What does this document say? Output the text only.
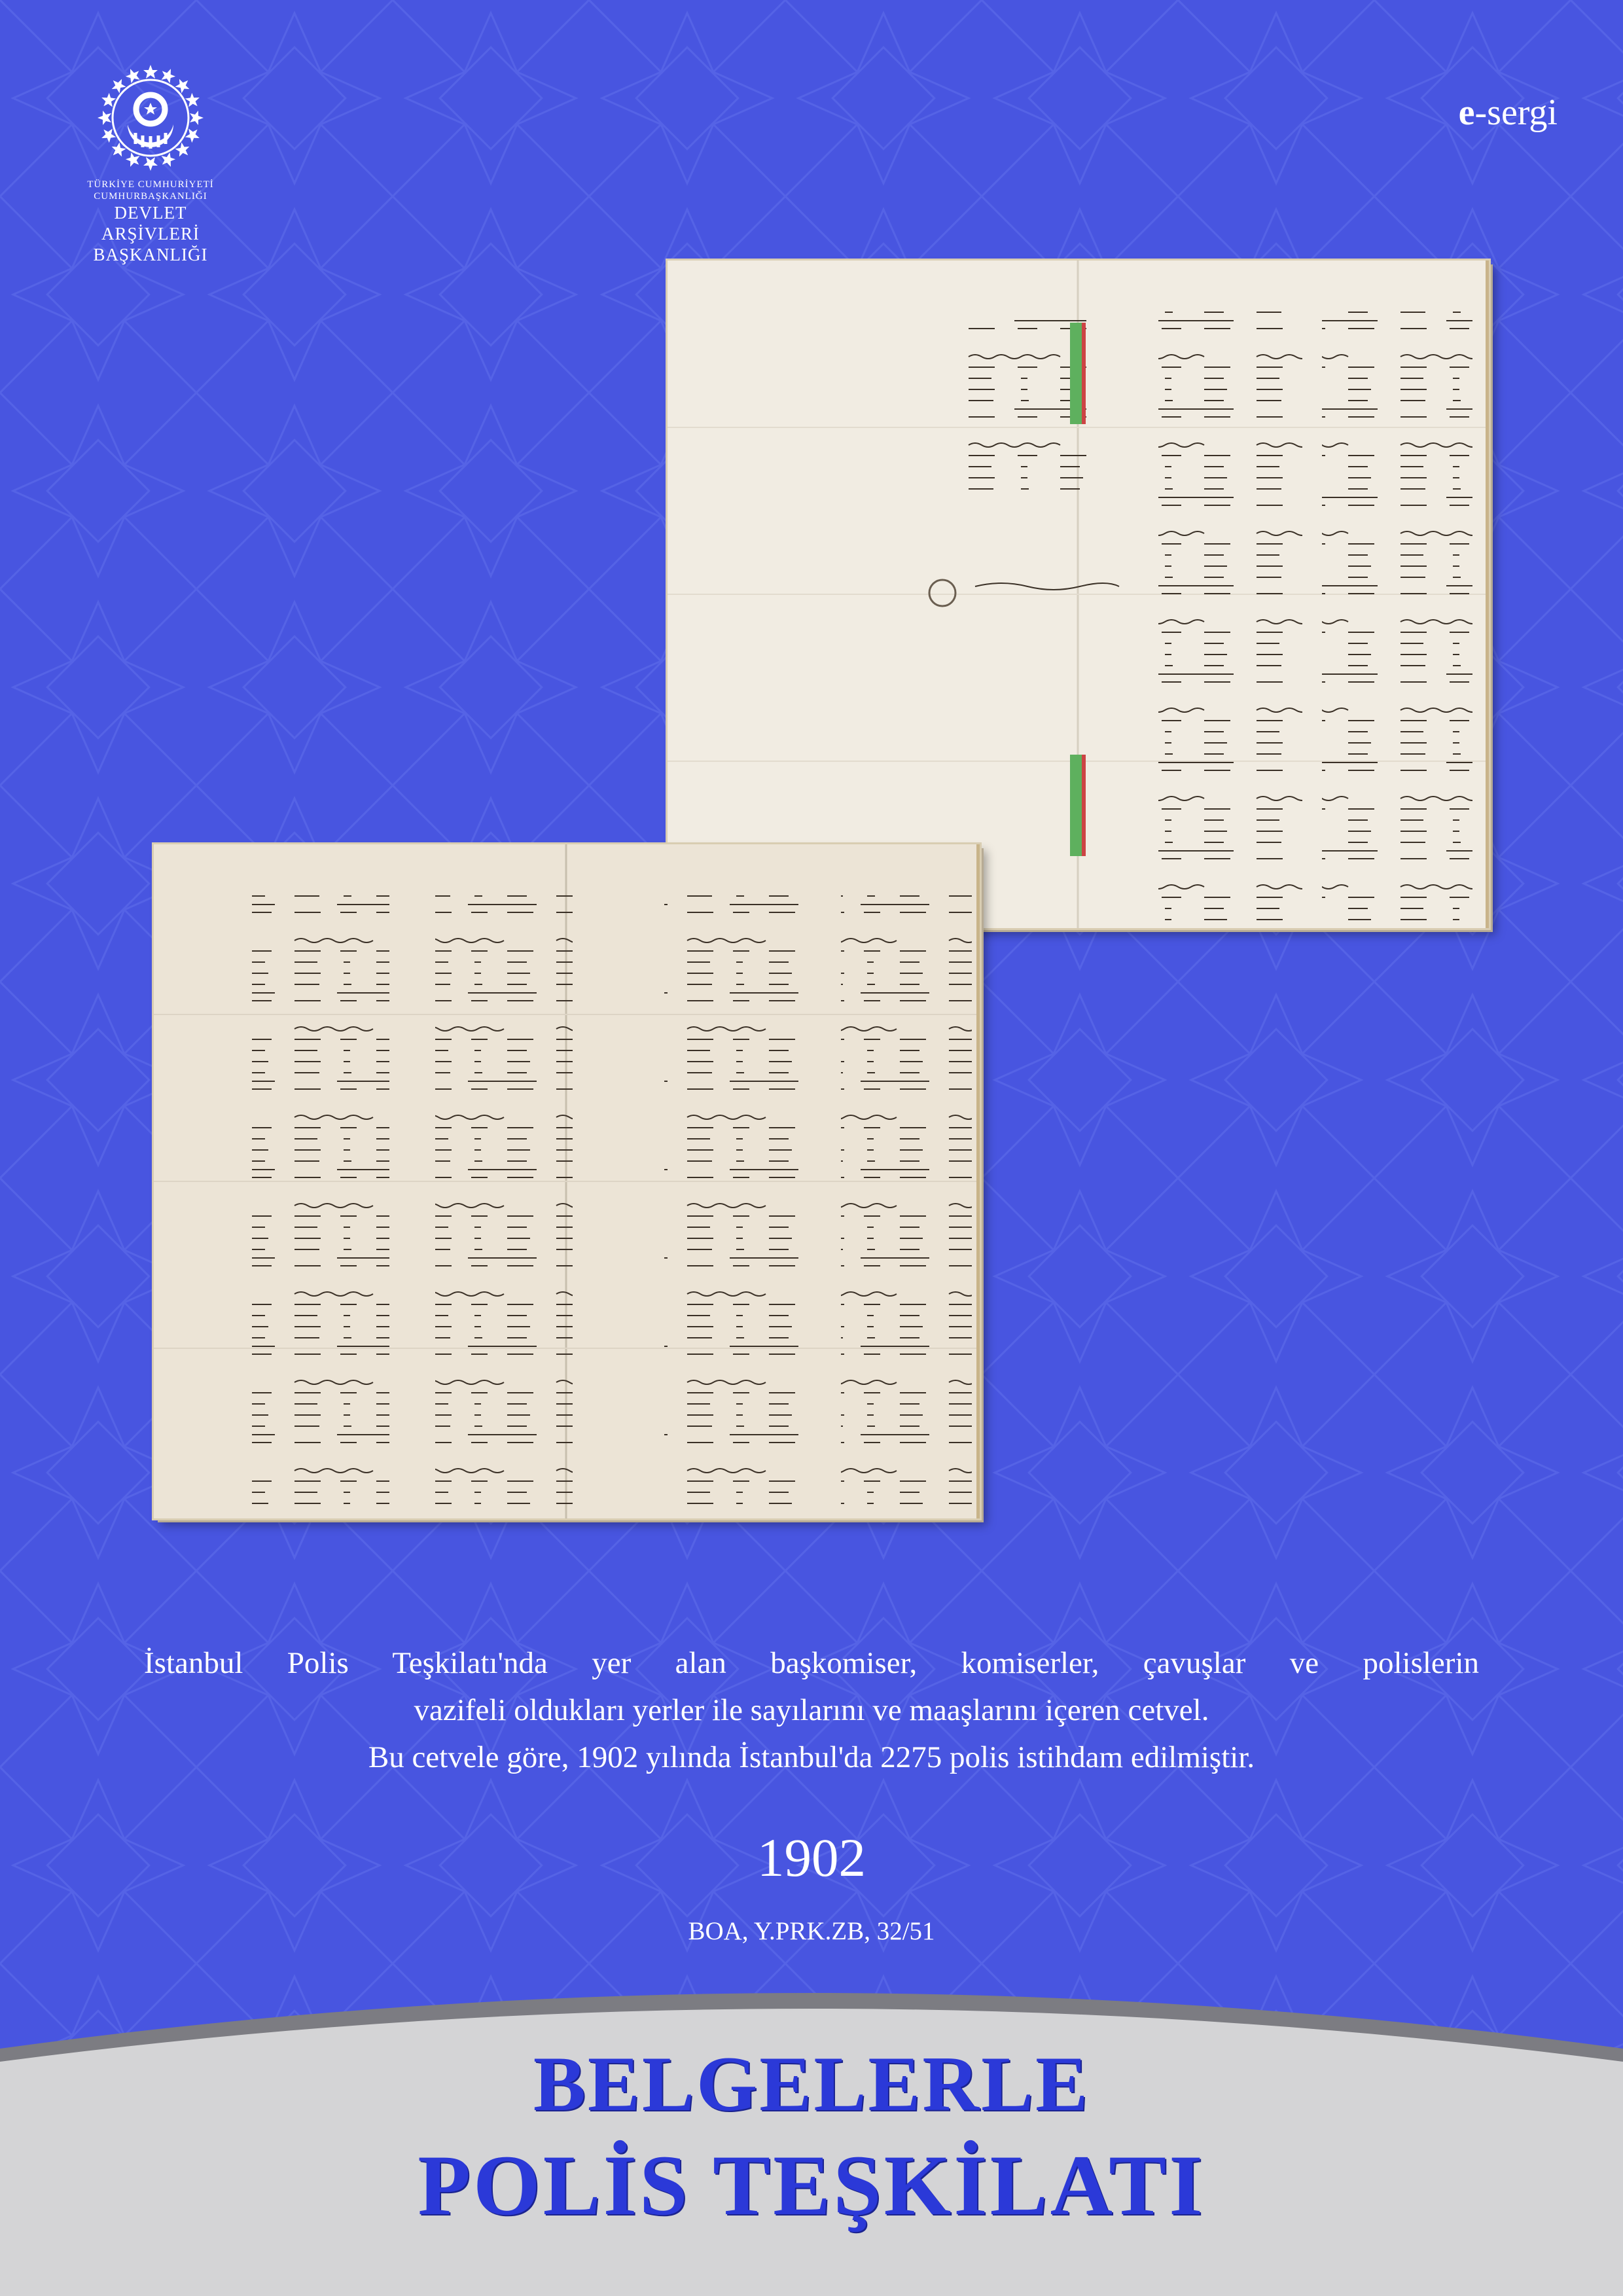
TÜRKİYE CUMHURİYETİ
CUMHURBAŞKANLIĞI
DEVLET ARŞİVLERİ
BAŞKANLIĞI
e-sergi
İstanbul Polis Teşkilatı'nda yer alan başkomiser, komiserler, çavuşlar ve polislerin
vazifeli oldukları yerler ile sayılarını ve maaşlarını içeren cetvel.
Bu cetvele göre, 1902 yılında İstanbul'da 2275 polis istihdam edilmiştir.
1902
BOA, Y.PRK.ZB, 32/51
BELGELERLE
POLİS TEŞKİLATI
